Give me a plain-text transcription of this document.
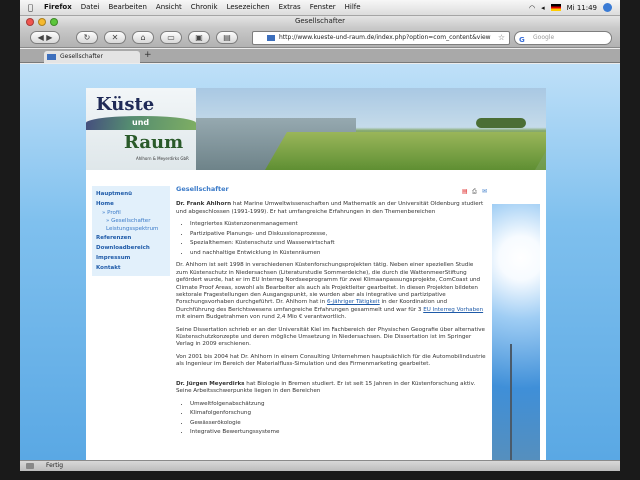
Firefox Datei Bearbeiten Ansicht Chronik Lesezeichen Extras Fenster Hilfe	◠ ◂	Mi 11:49
Gesellschafter
◀ ▶	↻	✕	⌂	▭	▣	▤	http://www.kueste-und-raum.de/index.php?option=com_content&view ☆ G Google
Gesellschafter	+
Küste
und
Raum
Ahlhorn & Meyerdirks GbR
Hauptmenü
Home
» Profil
» Gesellschafter
Leistungsspektrum
Referenzen
Downloadbereich
Impressum
Kontakt
▤ ⎙ ✉
Gesellschafter

Dr. Frank Ahlhorn hat Marine Umweltwissenschaften und Mathematik an der Universität Oldenburg studiert und abgeschlossen (1991-1999). Er hat umfangreiche Erfahrungen in den Themenbereichen

• Integriertes Küstenzonenmanagement
• Partizipative Planungs- und Diskussionsprozesse,
• Spezialthemen: Küstenschutz und Wasserwirtschaft
• und nachhaltige Entwicklung in Küstenräumen

Dr. Ahlhorn ist seit 1998 in verschiedenen Küstenforschungsprojekten tätig. Neben einer speziellen Studie zum Küstenschutz in Niedersachsen (Literaturstudie Sommerdeiche), die durch die WattenmeerStiftung gefördert wurde, hat er im EU Interreg Nordseeprogramm für zwei Klimaanpassungsprojekte, ComCoast und Climate Proof Areas, sowohl als Bearbeiter als auch als Projektleiter gearbeitet. In diesen Projekten bildeten sektorale Fragestellungen den Ausgangspunkt, sie wurden aber als integrative und partizipative Forschungsvorhaben durchgeführt. Dr. Ahlhorn hat in 6-jähriger Tätigkeit in der Koordination und Durchführung des Berichtswesens umfangreiche Erfahrungen gesammelt und war für 3 EU Interreg Vorhaben mit einem Budgetrahmen von rund 2,4 Mio € verantwortlich.

Seine Dissertation schrieb er an der Universität Kiel im Fachbereich der Physischen Geografie über alternative Küstenschutzkonzepte und deren mögliche Umsetzung in Niedersachsen. Die Dissertation ist im Springer Verlag in 2009 erschienen.

Von 2001 bis 2004 hat Dr. Ahlhorn in einem Consulting Unternehmen hauptsächlich für die Automobilindustrie als Ingenieur im Bereich der Materialfluss-Simulation und des Firmenmarketing gearbeitet.

Dr. Jürgen Meyerdirks hat Biologie in Bremen studiert. Er ist seit 15 Jahren in der Küstenforschung aktiv. Seine Arbeitsschwerpunkte liegen in den Bereichen

• Umweltfolgenabschätzung
• Klimafolgenforschung
• Gewässerökologie
• Integrative Bewertungssysteme
Fertig
